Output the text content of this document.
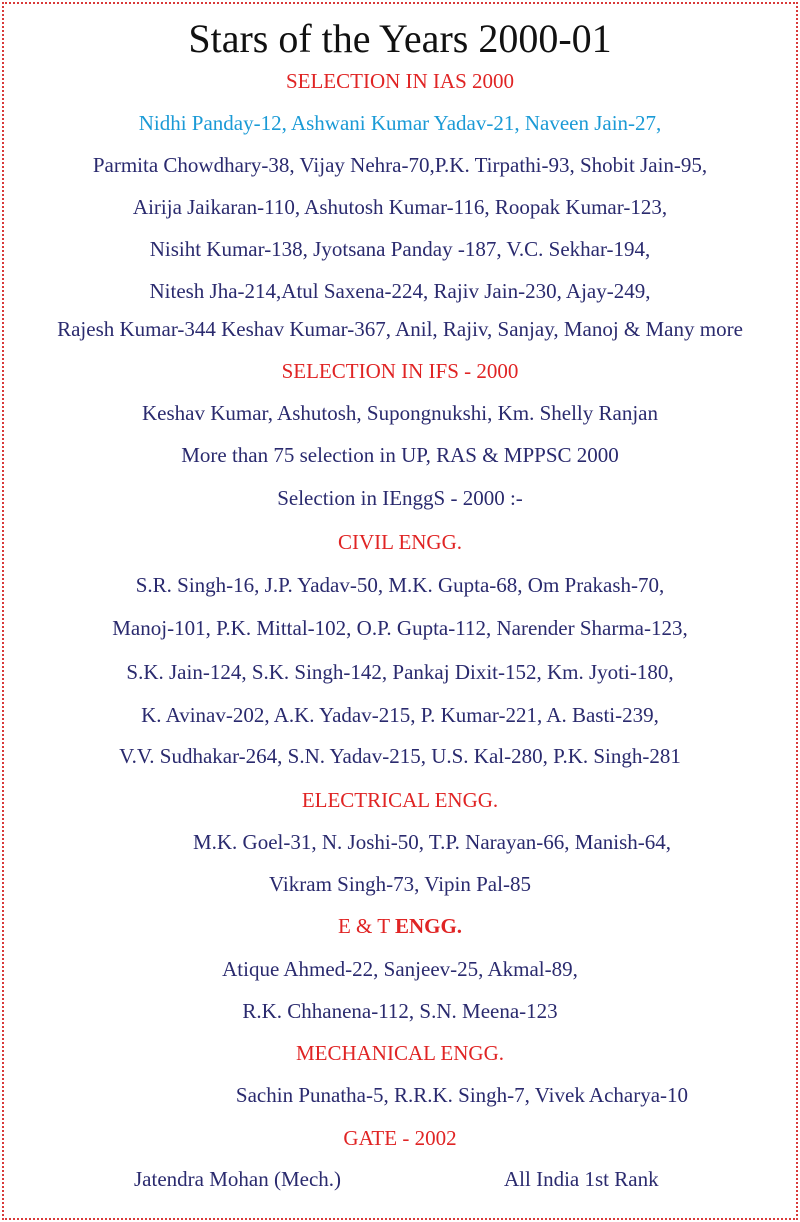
Stars of the Years 2000-01
SELECTION IN IAS 2000
Nidhi Panday-12, Ashwani Kumar Yadav-21, Naveen Jain-27,
Parmita Chowdhary-38, Vijay Nehra-70,P.K. Tirpathi-93, Shobit Jain-95,
Airija Jaikaran-110, Ashutosh Kumar-116, Roopak Kumar-123,
Nisiht Kumar-138, Jyotsana Panday -187, V.C. Sekhar-194,
Nitesh Jha-214,Atul Saxena-224, Rajiv Jain-230, Ajay-249,
Rajesh Kumar-344 Keshav Kumar-367, Anil, Rajiv, Sanjay, Manoj & Many more
SELECTION IN IFS - 2000
Keshav Kumar, Ashutosh, Supongnukshi, Km. Shelly Ranjan
More than 75 selection in UP, RAS & MPPSC 2000
Selection in IEnggS - 2000 :-
CIVIL ENGG.
S.R. Singh-16, J.P. Yadav-50, M.K. Gupta-68, Om Prakash-70,
Manoj-101, P.K. Mittal-102, O.P. Gupta-112, Narender Sharma-123,
S.K. Jain-124, S.K. Singh-142, Pankaj Dixit-152, Km. Jyoti-180,
K. Avinav-202, A.K. Yadav-215, P. Kumar-221, A. Basti-239,
V.V. Sudhakar-264, S.N. Yadav-215, U.S. Kal-280, P.K. Singh-281
ELECTRICAL ENGG.
M.K. Goel-31, N. Joshi-50, T.P. Narayan-66, Manish-64,
Vikram Singh-73, Vipin Pal-85
E & T ENGG.
Atique Ahmed-22, Sanjeev-25, Akmal-89,
R.K. Chhanena-112, S.N. Meena-123
MECHANICAL ENGG.
Sachin Punatha-5, R.R.K. Singh-7, Vivek Acharya-10
GATE - 2002
Jatendra Mohan (Mech.)	All India 1st Rank
